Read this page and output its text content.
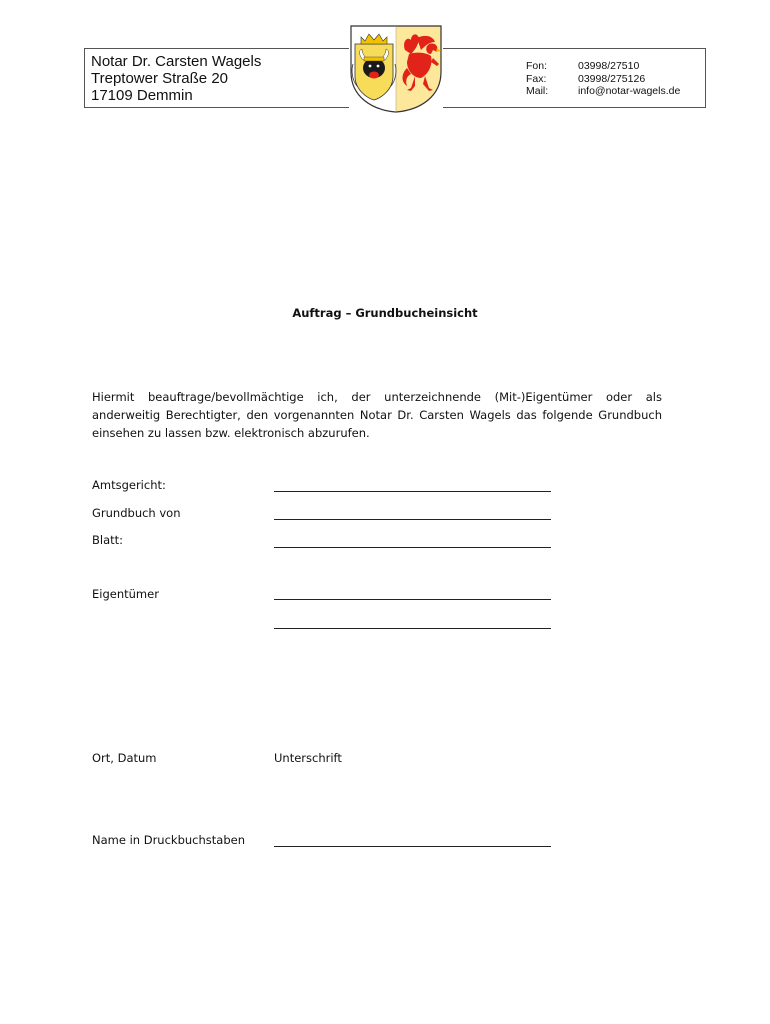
Notar Dr. Carsten Wagels
Treptower Straße 20
17109 Demmin
Fon:
Fax:
Mail:
03998/27510
03998/275126
info@notar-wagels.de
Auftrag – Grundbucheinsicht
Hiermit beauftrage/bevollmächtige ich, der unterzeichnende (Mit-)Eigentümer oder als anderweitig Berechtigter, den vorgenannten Notar Dr. Carsten Wagels das folgende Grundbuch einsehen zu lassen bzw. elektronisch abzurufen.
Amtsgericht:
Grundbuch von
Blatt:
Eigentümer
Ort, Datum	Unterschrift
Name in Druckbuchstaben
